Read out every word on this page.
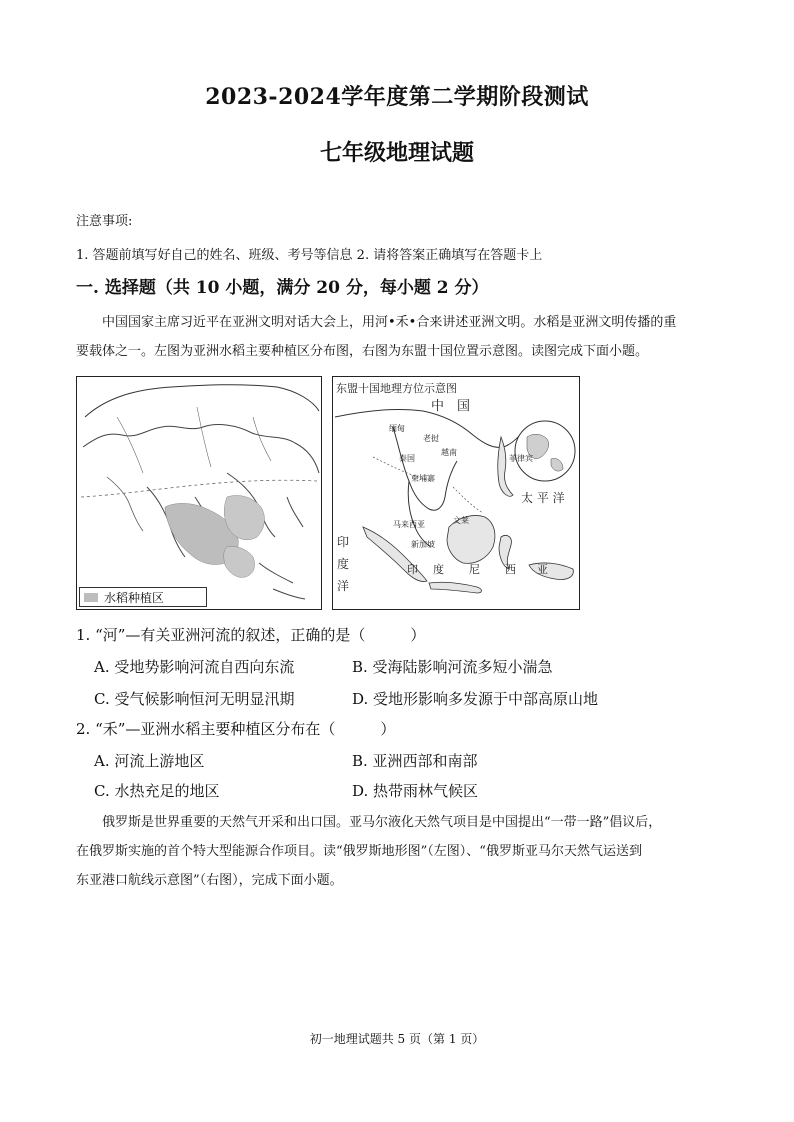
2023-2024学年度第二学期阶段测试
七年级地理试题
注意事项:
1. 答题前填写好自己的姓名、班级、考号等信息 2. 请将答案正确填写在答题卡上
一. 选择题（共 10 小题，满分 20 分，每小题 2 分）
中国国家主席习近平在亚洲文明对话大会上，用河•禾•合来讲述亚洲文明。水稻是亚洲文明传播的重
要载体之一。左图为亚洲水稻主要种植区分布图，右图为东盟十国位置示意图。读图完成下面小题。
水稻种植区
东盟十国地理方位示意图
中　国
太 平 洋
印
度
洋
缅甸
老挝
泰国
越南
柬埔寨
菲律宾
马来西亚	文莱
新加坡
印 度 尼 西 亚
1. “河”—有关亚洲河流的叙述，正确的是（　　　）
A. 受地势影响河流自西向东流	B. 受海陆影响河流多短小湍急
C. 受气候影响恒河无明显汛期	D. 受地形影响多发源于中部高原山地
2. “禾”—亚洲水稻主要种植区分布在（　　　）
A. 河流上游地区	B. 亚洲西部和南部
C. 水热充足的地区	D. 热带雨林气候区
俄罗斯是世界重要的天然气开采和出口国。亚马尔液化天然气项目是中国提出“一带一路”倡议后，
在俄罗斯实施的首个特大型能源合作项目。读“俄罗斯地形图”（左图）、“俄罗斯亚马尔天然气运送到
东亚港口航线示意图”（右图），完成下面小题。
初一地理试题共 5 页（第 1 页）
